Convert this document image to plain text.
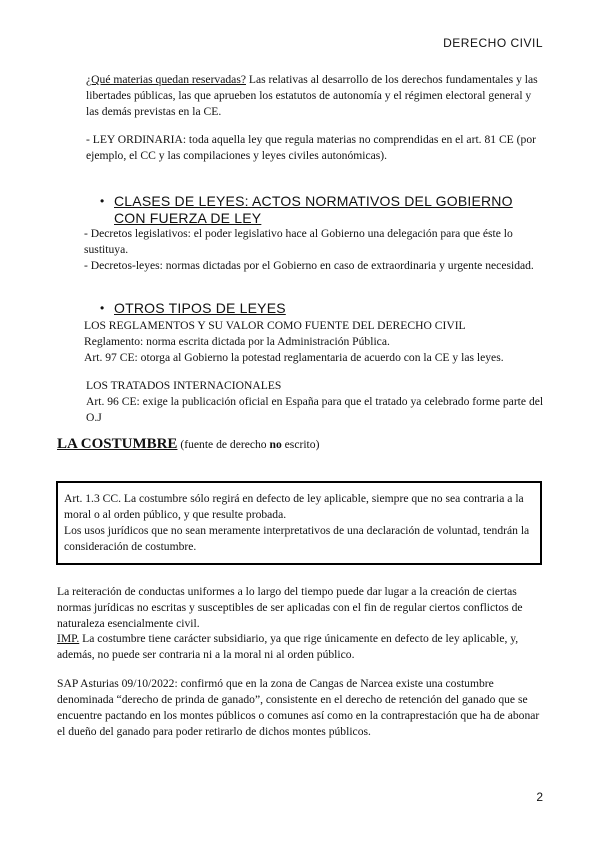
DERECHO CIVIL
¿Qué materias quedan reservadas? Las relativas al desarrollo de los derechos fundamentales y las libertades públicas, las que aprueben los estatutos de autonomía y el régimen electoral general y las demás previstas en la CE.
- LEY ORDINARIA: toda aquella ley que regula materias no comprendidas en el art. 81 CE (por ejemplo, el CC y las compilaciones y leyes civiles autonómicas).
• CLASES DE LEYES: ACTOS NORMATIVOS DEL GOBIERNO CON FUERZA DE LEY
- Decretos legislativos: el poder legislativo hace al Gobierno una delegación para que éste lo sustituya.
- Decretos-leyes: normas dictadas por el Gobierno en caso de extraordinaria y urgente necesidad.
• OTROS TIPOS DE LEYES

LOS REGLAMENTOS Y SU VALOR COMO FUENTE DEL DERECHO CIVIL

Reglamento: norma escrita dictada por la Administración Pública.

Art. 97 CE: otorga al Gobierno la potestad reglamentaria de acuerdo con la CE y las leyes.

LOS TRATADOS INTERNACIONALES

Art. 96 CE: exige la publicación oficial en España para que el tratado ya celebrado forme parte del O.J

LA COSTUMBRE (fuente de derecho no escrito)

Art. 1.3 CC. La costumbre sólo regirá en defecto de ley aplicable, siempre que no sea contraria a la moral o al orden público, y que resulte probada.

Los usos jurídicos que no sean meramente interpretativos de una declaración de voluntad, tendrán la consideración de costumbre.

La reiteración de conductas uniformes a lo largo del tiempo puede dar lugar a la creación de ciertas normas jurídicas no escritas y susceptibles de ser aplicadas con el fin de regular ciertos conflictos de naturaleza esencialmente civil.
IMP. La costumbre tiene carácter subsidiario, ya que rige únicamente en defecto de ley aplicable, y, además, no puede ser contraria ni a la moral ni al orden público.
SAP Asturias 09/10/2022: confirmó que en la zona de Cangas de Narcea existe una costumbre denominada “derecho de prinda de ganado”, consistente en el derecho de retención del ganado que se encuentre pactando en los montes públicos o comunes así como en la contraprestación que ha de abonar el dueño del ganado para poder retirarlo de dichos montes públicos.
2
